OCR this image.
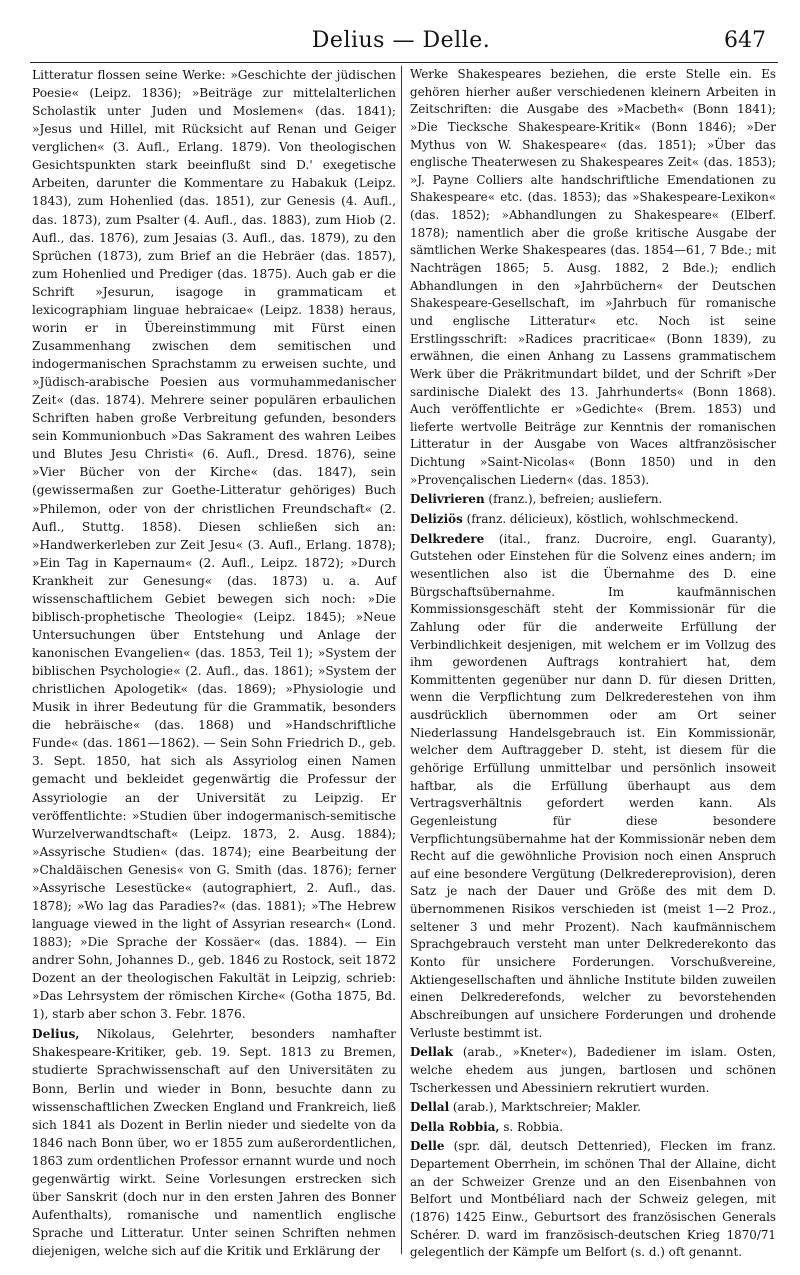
Delius — Delle.	647

Litteratur flossen seine Werke: »Geschichte der jüdischen Poesie« (Leipz. 1836); »Beiträge zur mittelalterlichen Scholastik unter Juden und Moslemen« (das. 1841); »Jesus und Hillel, mit Rücksicht auf Renan und Geiger verglichen« (3. Aufl., Erlang. 1879). Von theologischen Gesichtspunkten stark beeinflußt sind D.' exegetische Arbeiten, darunter die Kommentare zu Habakuk (Leipz. 1843), zum Hohenlied (das. 1851), zur Genesis (4. Aufl., das. 1873), zum Psalter (4. Aufl., das. 1883), zum Hiob (2. Aufl., das. 1876), zum Jesaias (3. Aufl., das. 1879), zu den Sprüchen (1873), zum Brief an die Hebräer (das. 1857), zum Hohenlied und Prediger (das. 1875). Auch gab er die Schrift »Jesurun, isagoge in grammaticam et lexicographiam linguae hebraicae« (Leipz. 1838) heraus, worin er in Übereinstimmung mit Fürst einen Zusammenhang zwischen dem semitischen und indogermanischen Sprachstamm zu erweisen suchte, und »Jüdisch-arabische Poesien aus vormuhammedanischer Zeit« (das. 1874). Mehrere seiner populären erbaulichen Schriften haben große Verbreitung gefunden, besonders sein Kommunionbuch »Das Sakrament des wahren Leibes und Blutes Jesu Christi« (6. Aufl., Dresd. 1876), seine »Vier Bücher von der Kirche« (das. 1847), sein (gewissermaßen zur Goethe-Litteratur gehöriges) Buch »Philemon, oder von der christlichen Freundschaft« (2. Aufl., Stuttg. 1858). Diesen schließen sich an: »Handwerkerleben zur Zeit Jesu« (3. Aufl., Erlang. 1878); »Ein Tag in Kapernaum« (2. Aufl., Leipz. 1872); »Durch Krankheit zur Genesung« (das. 1873) u. a. Auf wissenschaftlichem Gebiet bewegen sich noch: »Die biblisch-prophetische Theologie« (Leipz. 1845); »Neue Untersuchungen über Entstehung und Anlage der kanonischen Evangelien« (das. 1853, Teil 1); »System der biblischen Psychologie« (2. Aufl., das. 1861); »System der christlichen Apologetik« (das. 1869); »Physiologie und Musik in ihrer Bedeutung für die Grammatik, besonders die hebräische« (das. 1868) und »Handschriftliche Funde« (das. 1861—1862). — Sein Sohn Friedrich D., geb. 3. Sept. 1850, hat sich als Assyriolog einen Namen gemacht und bekleidet gegenwärtig die Professur der Assyriologie an der Universität zu Leipzig. Er veröffentlichte: »Studien über indogermanisch-semitische Wurzelverwandtschaft« (Leipz. 1873, 2. Ausg. 1884); »Assyrische Studien« (das. 1874); eine Bearbeitung der »Chaldäischen Genesis« von G. Smith (das. 1876); ferner »Assyrische Lesestücke« (autographiert, 2. Aufl., das. 1878); »Wo lag das Paradies?« (das. 1881); »The Hebrew language viewed in the light of Assyrian research« (Lond. 1883); »Die Sprache der Kossäer« (das. 1884). — Ein andrer Sohn, Johannes D., geb. 1846 zu Rostock, seit 1872 Dozent an der theologischen Fakultät in Leipzig, schrieb: »Das Lehrsystem der römischen Kirche« (Gotha 1875, Bd. 1), starb aber schon 3. Febr. 1876.

Delius, Nikolaus, Gelehrter, besonders namhafter Shakespeare-Kritiker, geb. 19. Sept. 1813 zu Bremen, studierte Sprachwissenschaft auf den Universitäten zu Bonn, Berlin und wieder in Bonn, besuchte dann zu wissenschaftlichen Zwecken England und Frankreich, ließ sich 1841 als Dozent in Berlin nieder und siedelte von da 1846 nach Bonn über, wo er 1855 zum außerordentlichen, 1863 zum ordentlichen Professor ernannt wurde und noch gegenwärtig wirkt. Seine Vorlesungen erstrecken sich über Sanskrit (doch nur in den ersten Jahren des Bonner Aufenthalts), romanische und namentlich englische Sprache und Litteratur. Unter seinen Schriften nehmen diejenigen, welche sich auf die Kritik und Erklärung der

Werke Shakespeares beziehen, die erste Stelle ein. Es gehören hierher außer verschiedenen kleinern Arbeiten in Zeitschriften: die Ausgabe des »Macbeth« (Bonn 1841); »Die Tiecksche Shakespeare-Kritik« (Bonn 1846); »Der Mythus von W. Shakespeare« (das. 1851); »Über das englische Theaterwesen zu Shakespeares Zeit« (das. 1853); »J. Payne Colliers alte handschriftliche Emendationen zu Shakespeare« etc. (das. 1853); das »Shakespeare-Lexikon« (das. 1852); »Abhandlungen zu Shakespeare« (Elberf. 1878); namentlich aber die große kritische Ausgabe der sämtlichen Werke Shakespeares (das. 1854—61, 7 Bde.; mit Nachträgen 1865; 5. Ausg. 1882, 2 Bde.); endlich Abhandlungen in den »Jahrbüchern« der Deutschen Shakespeare-Gesellschaft, im »Jahrbuch für romanische und englische Litteratur« etc. Noch ist seine Erstlingsschrift: »Radices pracriticae« (Bonn 1839), zu erwähnen, die einen Anhang zu Lassens grammatischem Werk über die Präkritmundart bildet, und der Schrift »Der sardinische Dialekt des 13. Jahrhunderts« (Bonn 1868). Auch veröffentlichte er »Gedichte« (Brem. 1853) und lieferte wertvolle Beiträge zur Kenntnis der romanischen Litteratur in der Ausgabe von Waces altfranzösischer Dichtung »Saint-Nicolas« (Bonn 1850) und in den »Provençalischen Liedern« (das. 1853).

Delivrieren (franz.), befreien; ausliefern.

Deliziös (franz. délicieux), köstlich, wohlschmeckend.

Delkredere (ital., franz. Ducroire, engl. Guaranty), Gutstehen oder Einstehen für die Solvenz eines andern; im wesentlichen also ist die Übernahme des D. eine Bürgschaftsübernahme. Im kaufmännischen Kommissionsgeschäft steht der Kommissionär für die Zahlung oder für die anderweite Erfüllung der Verbindlichkeit desjenigen, mit welchem er im Vollzug des ihm gewordenen Auftrags kontrahiert hat, dem Kommittenten gegenüber nur dann D. für diesen Dritten, wenn die Verpflichtung zum Delkrederestehen von ihm ausdrücklich übernommen oder am Ort seiner Niederlassung Handelsgebrauch ist. Ein Kommissionär, welcher dem Auftraggeber D. steht, ist diesem für die gehörige Erfüllung unmittelbar und persönlich insoweit haftbar, als die Erfüllung überhaupt aus dem Vertragsverhältnis gefordert werden kann. Als Gegenleistung für diese besondere Verpflichtungsübernahme hat der Kommissionär neben dem Recht auf die gewöhnliche Provision noch einen Anspruch auf eine besondere Vergütung (Delkredereprovision), deren Satz je nach der Dauer und Größe des mit dem D. übernommenen Risikos verschieden ist (meist 1—2 Proz., seltener 3 und mehr Prozent). Nach kaufmännischem Sprachgebrauch versteht man unter Delkrederekonto das Konto für unsichere Forderungen. Vorschußvereine, Aktiengesellschaften und ähnliche Institute bilden zuweilen einen Delkrederefonds, welcher zu bevorstehenden Abschreibungen auf unsichere Forderungen und drohende Verluste bestimmt ist.

Dellak (arab., »Kneter«), Badediener im islam. Osten, welche ehedem aus jungen, bartlosen und schönen Tscherkessen und Abessiniern rekrutiert wurden.

Dellal (arab.), Marktschreier; Makler.

Della Robbia, s. Robbia.

Delle (spr. däl, deutsch Dettenried), Flecken im franz. Departement Oberrhein, im schönen Thal der Allaine, dicht an der Schweizer Grenze und an den Eisenbahnen von Belfort und Montbéliard nach der Schweiz gelegen, mit (1876) 1425 Einw., Geburtsort des französischen Generals Schérer. D. ward im französisch-deutschen Krieg 1870/71 gelegentlich der Kämpfe um Belfort (s. d.) oft genannt.
